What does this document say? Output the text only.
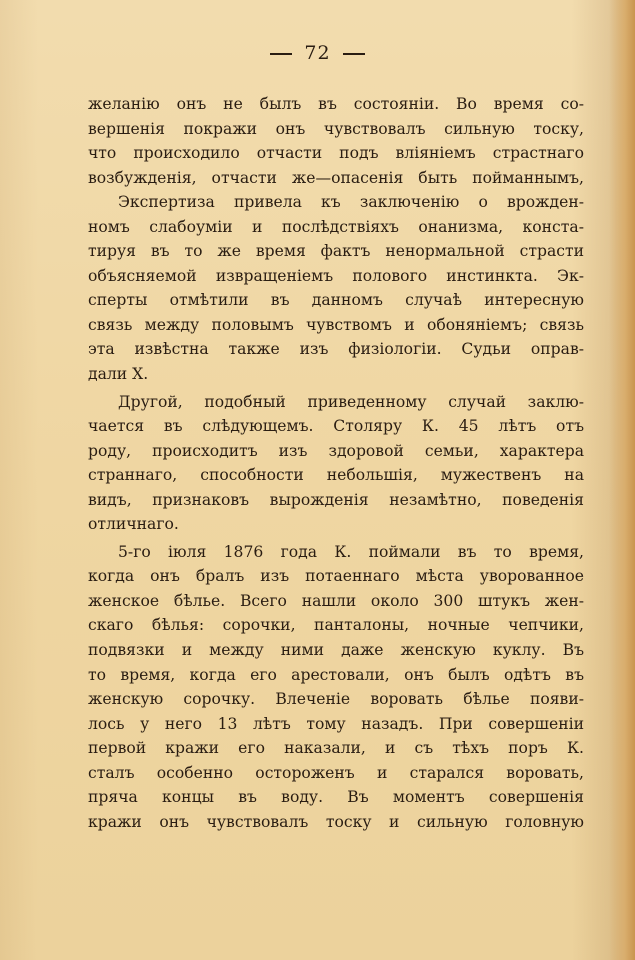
72
желанію онъ не былъ въ состояніи. Во время со-
вершенія покражи онъ чувствовалъ сильную тоску,
что происходило отчасти подъ вліяніемъ страстнаго
возбужденія, отчасти же—опасенія быть пойманнымъ,
Экспертиза привела къ заключенію о врожден-
номъ слабоуміи и послѣдствіяхъ онанизма, конста-
тируя въ то же время фактъ ненормальной страсти
объясняемой извращеніемъ полового инстинкта. Эк-
сперты отмѣтили въ данномъ случаѣ интересную
связь между половымъ чувствомъ и обоняніемъ; связь
эта извѣстна также изъ физіологіи. Судьи оправ-
дали X.
Другой, подобный приведенному случай заклю-
чается въ слѣдующемъ. Столяру К. 45 лѣтъ отъ
роду, происходитъ изъ здоровой семьи, характера
страннаго, способности небольшія, мужественъ на
видъ, признаковъ вырожденія незамѣтно, поведенія
отличнаго.
5-го іюля 1876 года К. поймали въ то время,
когда онъ бралъ изъ потаеннаго мѣста уворованное
женское бѣлье. Всего нашли около 300 штукъ жен-
скаго бѣлья: сорочки, панталоны, ночные чепчики,
подвязки и между ними даже женскую куклу. Въ
то время, когда его арестовали, онъ былъ одѣтъ въ
женскую сорочку. Влеченіе воровать бѣлье появи-
лось у него 13 лѣтъ тому назадъ. При совершеніи
первой кражи его наказали, и съ тѣхъ поръ К.
сталъ особенно остороженъ и старался воровать,
пряча концы въ воду. Въ моментъ совершенія
кражи онъ чувствовалъ тоску и сильную головную
